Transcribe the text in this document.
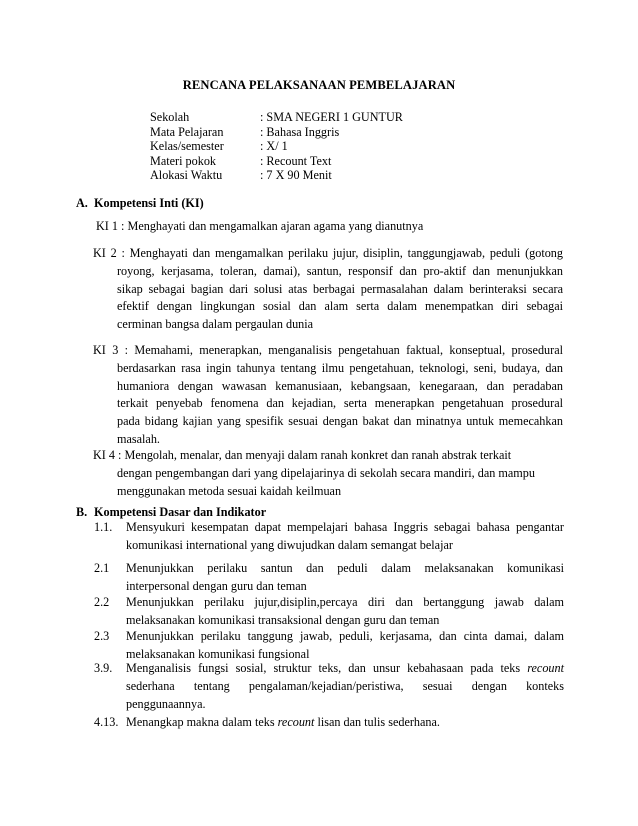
RENCANA PELAKSANAAN PEMBELAJARAN
Sekolah	: SMA NEGERI 1 GUNTUR
Mata Pelajaran	: Bahasa Inggris
Kelas/semester	: X/ 1
Materi pokok	: Recount Text
Alokasi Waktu	: 7 X 90 Menit
A. Kompetensi Inti (KI)
KI 1 : Menghayati dan mengamalkan ajaran agama yang dianutnya
KI 2 : Menghayati dan mengamalkan perilaku jujur, disiplin, tanggungjawab, peduli (gotong
royong, kerjasama, toleran, damai), santun, responsif dan pro-aktif dan menunjukkan
sikap sebagai bagian dari solusi atas berbagai permasalahan dalam berinteraksi secara
efektif dengan lingkungan sosial dan alam serta dalam menempatkan diri sebagai
cerminan bangsa dalam pergaulan dunia
KI 3 : Memahami, menerapkan, menganalisis pengetahuan faktual, konseptual, prosedural
berdasarkan rasa ingin tahunya tentang ilmu pengetahuan, teknologi, seni, budaya, dan
humaniora dengan wawasan kemanusiaan, kebangsaan, kenegaraan, dan peradaban
terkait penyebab fenomena dan kejadian, serta menerapkan pengetahuan prosedural
pada bidang kajian yang spesifik sesuai dengan bakat dan minatnya untuk memecahkan
masalah.
KI 4 : Mengolah, menalar, dan menyaji dalam ranah konkret dan ranah abstrak terkait
dengan pengembangan dari yang dipelajarinya di sekolah secara mandiri, dan mampu
menggunakan metoda sesuai kaidah keilmuan
B. Kompetensi Dasar dan Indikator
1.1. Mensyukuri kesempatan dapat mempelajari bahasa Inggris sebagai bahasa pengantar
komunikasi international yang diwujudkan dalam semangat belajar
2.1 Menunjukkan perilaku santun dan peduli dalam melaksanakan komunikasi
interpersonal dengan guru dan teman
2.2 Menunjukkan perilaku jujur,disiplin,percaya diri dan bertanggung jawab dalam
melaksanakan komunikasi transaksional dengan guru dan teman
2.3 Menunjukkan perilaku tanggung jawab, peduli, kerjasama, dan cinta damai, dalam
melaksanakan komunikasi fungsional
3.9. Menganalisis fungsi sosial, struktur teks, dan unsur kebahasaan pada teks recount
sederhana tentang pengalaman/kejadian/peristiwa, sesuai dengan konteks
penggunaannya.
4.13. Menangkap makna dalam teks recount lisan dan tulis sederhana.
